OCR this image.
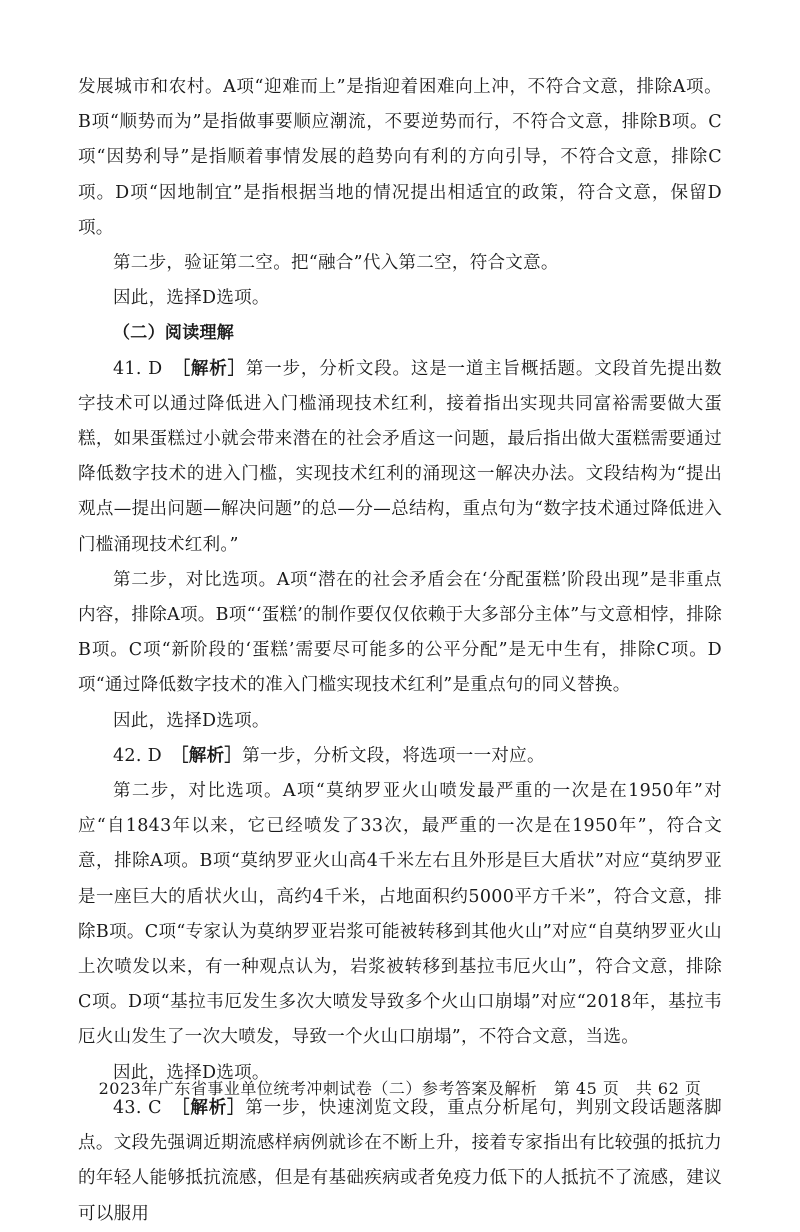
发展城市和农村。A项“迎难而上”是指迎着困难向上冲，不符合文意，排除A项。B项“顺势而为”是指做事要顺应潮流，不要逆势而行，不符合文意，排除B项。C项“因势利导”是指顺着事情发展的趋势向有利的方向引导，不符合文意，排除C项。D项“因地制宜”是指根据当地的情况提出相适宜的政策，符合文意，保留D项。

第二步，验证第二空。把“融合”代入第二空，符合文意。

因此，选择D选项。

（二）阅读理解

41. D　［解析］第一步，分析文段。这是一道主旨概括题。文段首先提出数字技术可以通过降低进入门槛涌现技术红利，接着指出实现共同富裕需要做大蛋糕，如果蛋糕过小就会带来潜在的社会矛盾这一问题，最后指出做大蛋糕需要通过降低数字技术的进入门槛，实现技术红利的涌现这一解决办法。文段结构为“提出观点—提出问题—解决问题”的总—分—总结构，重点句为“数字技术通过降低进入门槛涌现技术红利。”

第二步，对比选项。A项“潜在的社会矛盾会在‘分配蛋糕’阶段出现”是非重点内容，排除A项。B项“‘蛋糕’的制作要仅仅依赖于大多部分主体”与文意相悖，排除B项。C项“新阶段的‘蛋糕’需要尽可能多的公平分配”是无中生有，排除C项。D项“通过降低数字技术的准入门槛实现技术红利”是重点句的同义替换。

因此，选择D选项。

42. D　［解析］第一步，分析文段，将选项一一对应。

第二步，对比选项。A项“莫纳罗亚火山喷发最严重的一次是在1950年”对应“自1843年以来，它已经喷发了33次，最严重的一次是在1950年”，符合文意，排除A项。B项“莫纳罗亚火山高4千米左右且外形是巨大盾状”对应“莫纳罗亚是一座巨大的盾状火山，高约4千米，占地面积约5000平方千米”，符合文意，排除B项。C项“专家认为莫纳罗亚岩浆可能被转移到其他火山”对应“自莫纳罗亚火山上次喷发以来，有一种观点认为，岩浆被转移到基拉韦厄火山”，符合文意，排除C项。D项“基拉韦厄发生多次大喷发导致多个火山口崩塌”对应“2018年，基拉韦厄火山发生了一次大喷发，导致一个火山口崩塌”，不符合文意，当选。

因此，选择D选项。

43. C　［解析］第一步，快速浏览文段，重点分析尾句，判别文段话题落脚点。文段先强调近期流感样病例就诊在不断上升，接着专家指出有比较强的抵抗力的年轻人能够抵抗流感，但是有基础疾病或者免疫力低下的人抵抗不了流感，建议可以服用

2023年广东省事业单位统考冲刺试卷（二）参考答案及解析　第 45 页　共 62 页
